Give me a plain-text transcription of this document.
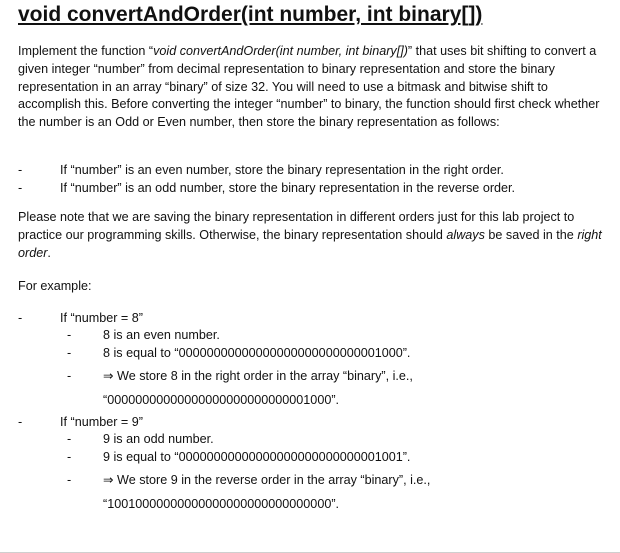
void convertAndOrder(int number, int binary[])

Implement the function “void convertAndOrder(int number, int binary[])” that uses bit shifting to convert a given integer “number” from decimal representation to binary representation and store the binary representation in an array “binary” of size 32. You will need to use a bitmask and bitwise shift to accomplish this. Before converting the integer “number” to binary, the function should first check whether the number is an Odd or Even number, then store the binary representation as follows:

-	If “number” is an even number, store the binary representation in the right order.
-	If “number” is an odd number, store the binary representation in the reverse order.

Please note that we are saving the binary representation in different orders just for this lab project to practice our programming skills. Otherwise, the binary representation should always be saved in the right order.

For example:

-	If “number = 8”
-	8 is an even number.
-	8 is equal to “00000000000000000000000000001000”.
-	⇒ We store 8 in the right order in the array “binary”, i.e.,
“00000000000000000000000000001000”.
-	If “number = 9”
-	9 is an odd number.
-	9 is equal to “00000000000000000000000000001001”.
-	⇒ We store 9 in the reverse order in the array “binary”, i.e.,
“10010000000000000000000000000000”.
